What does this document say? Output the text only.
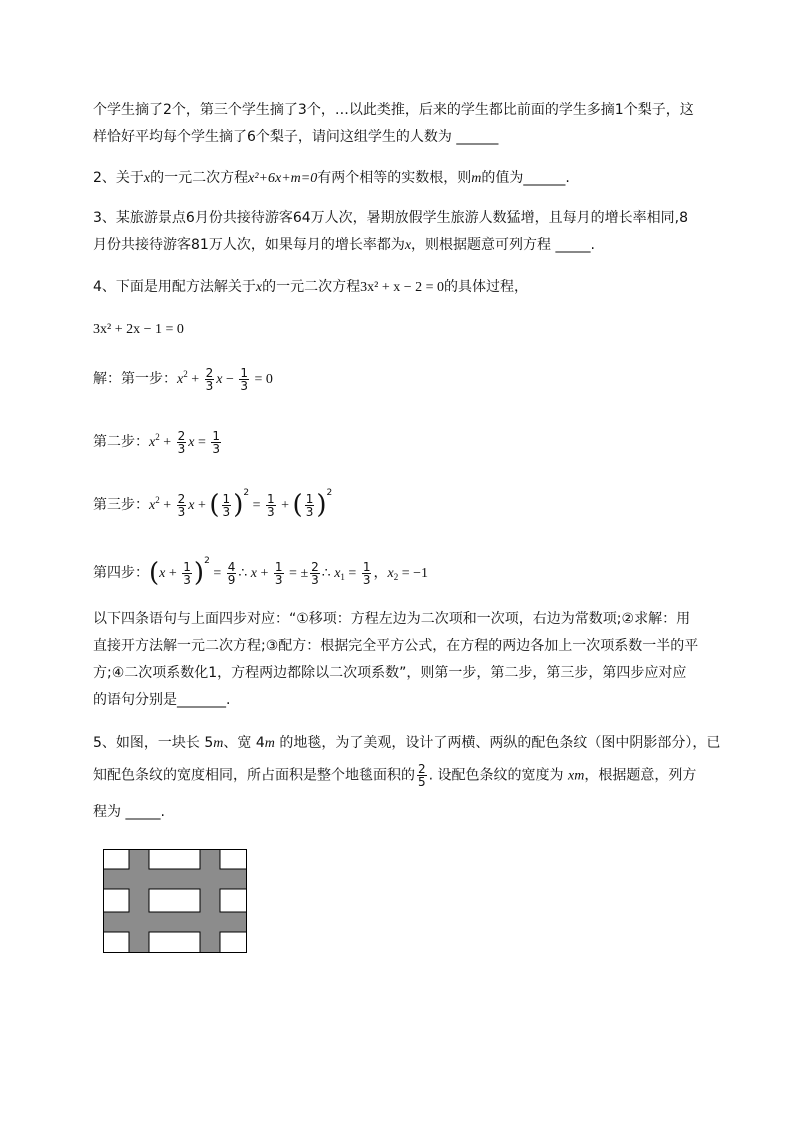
个学生摘了2个，第三个学生摘了3个，…以此类推，后来的学生都比前面的学生多摘1个梨子，这
样恰好平均每个学生摘了6个梨子，请问这组学生的人数为 ______
2、关于x的一元二次方程x²+6x+m=0有两个相等的实数根，则m的值为______.
3、某旅游景点6月份共接待游客64万人次，暑期放假学生旅游人数猛增，且每月的增长率相同,8
月份共接待游客81万人次，如果每月的增长率都为x，则根据题意可列方程 _____.
4、下面是用配方法解关于x的一元二次方程3x² + x − 2 = 0的具体过程，
3x² + 2x − 1 = 0
解：第一步：$x^2 + \frac{2}{3}$ $x - \frac{1}{3} = 0$
第二步：$x^2 + \frac{2}{3}$ $x = \frac{1}{3}$
第三步：$x^2 + \frac{2}{3}$ x + ( $\frac{1}{3} )^2 = \frac{1}{3}$ + ( $\frac{1}{3} )^2$
第四步：$(x + \frac{1}{3} )^2 = \frac{4}{9}$ ∴ $x + \frac{1}{3}$ = ± $\frac{2}{3}$ ∴ $x_1 = \frac{1}{3}$ ，$x_2 = -1$
以下四条语句与上面四步对应：“①移项：方程左边为二次项和一次项，右边为常数项;②求解：用
直接开方法解一元二次方程;③配方：根据完全平方公式，在方程的两边各加上一次项系数一半的平
方;④二次项系数化1，方程两边都除以二次项系数”，则第一步，第二步，第三步，第四步应对应
的语句分别是_______.
5、如图，一块长 5m、宽 4m 的地毯，为了美观，设计了两横、两纵的配色条纹（图中阴影部分），已
知配色条纹的宽度相同，所占面积是整个地毯面积的 $\frac{2}{5}$ . 设配色条纹的宽度为 xm，根据题意，列方
程为 _____.
